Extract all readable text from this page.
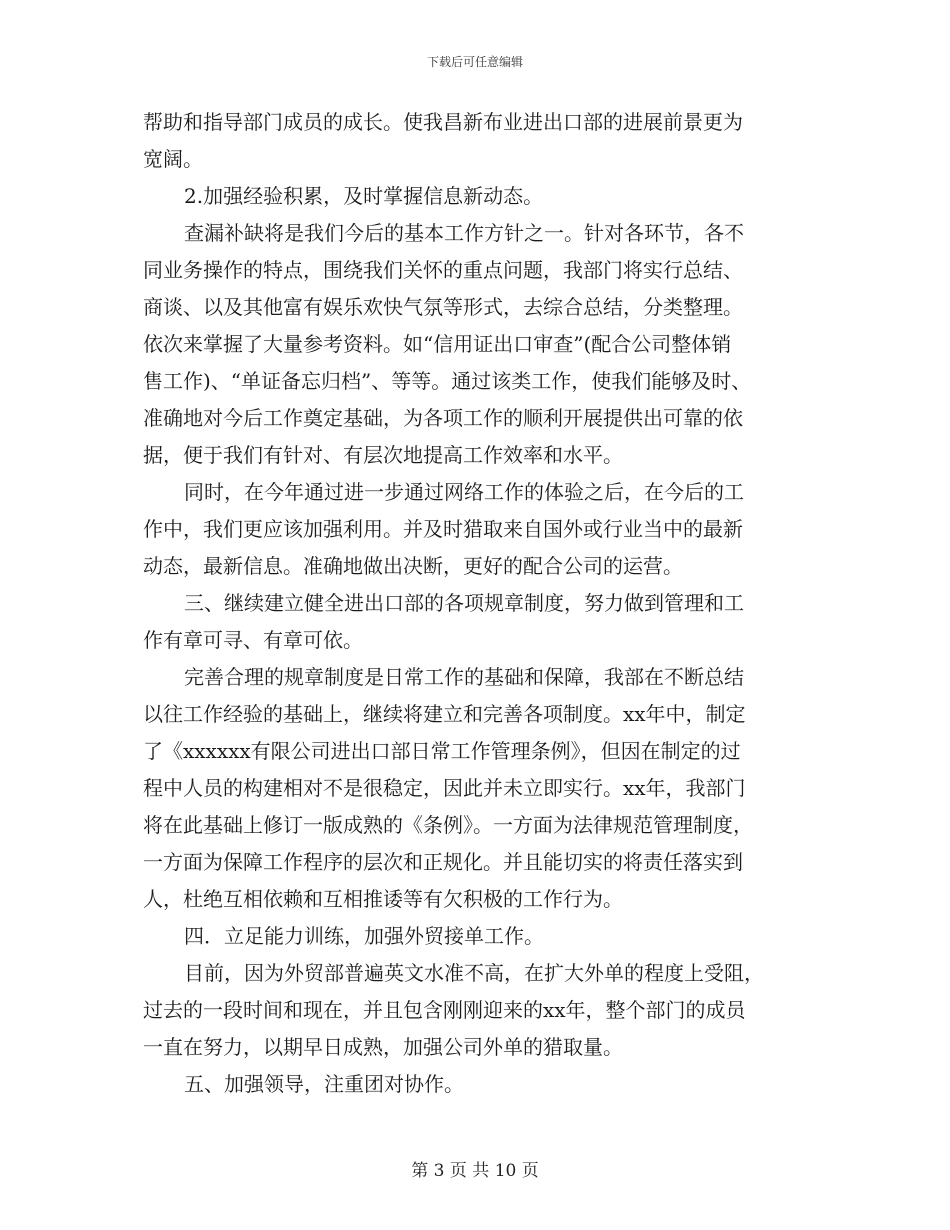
下载后可任意编辑
帮助和指导部门成员的成长。使我昌新布业进出口部的进展前景更为
宽阔。
2.加强经验积累，及时掌握信息新动态。
查漏补缺将是我们今后的基本工作方针之一。针对各环节，各不
同业务操作的特点，围绕我们关怀的重点问题，我部门将实行总结、
商谈、以及其他富有娱乐欢快气氛等形式，去综合总结，分类整理。
依次来掌握了大量参考资料。如“信用证出口审查”(配合公司整体销
售工作)、“单证备忘归档”、等等。通过该类工作，使我们能够及时、
准确地对今后工作奠定基础，为各项工作的顺利开展提供出可靠的依
据，便于我们有针对、有层次地提高工作效率和水平。
同时，在今年通过进一步通过网络工作的体验之后，在今后的工
作中，我们更应该加强利用。并及时猎取来自国外或行业当中的最新
动态，最新信息。准确地做出决断，更好的配合公司的运营。
三、继续建立健全进出口部的各项规章制度，努力做到管理和工
作有章可寻、有章可依。
完善合理的规章制度是日常工作的基础和保障，我部在不断总结
以往工作经验的基础上，继续将建立和完善各项制度。xx年中，制定
了《xxxxxx有限公司进出口部日常工作管理条例》，但因在制定的过
程中人员的构建相对不是很稳定，因此并未立即实行。xx年，我部门
将在此基础上修订一版成熟的《条例》。一方面为法律规范管理制度，
一方面为保障工作程序的层次和正规化。并且能切实的将责任落实到
人，杜绝互相依赖和互相推诿等有欠积极的工作行为。
四．立足能力训练，加强外贸接单工作。
目前，因为外贸部普遍英文水准不高，在扩大外单的程度上受阻，
过去的一段时间和现在，并且包含刚刚迎来的xx年，整个部门的成员
一直在努力，以期早日成熟，加强公司外单的猎取量。
五、加强领导，注重团对协作。
第 3 页 共 10 页
